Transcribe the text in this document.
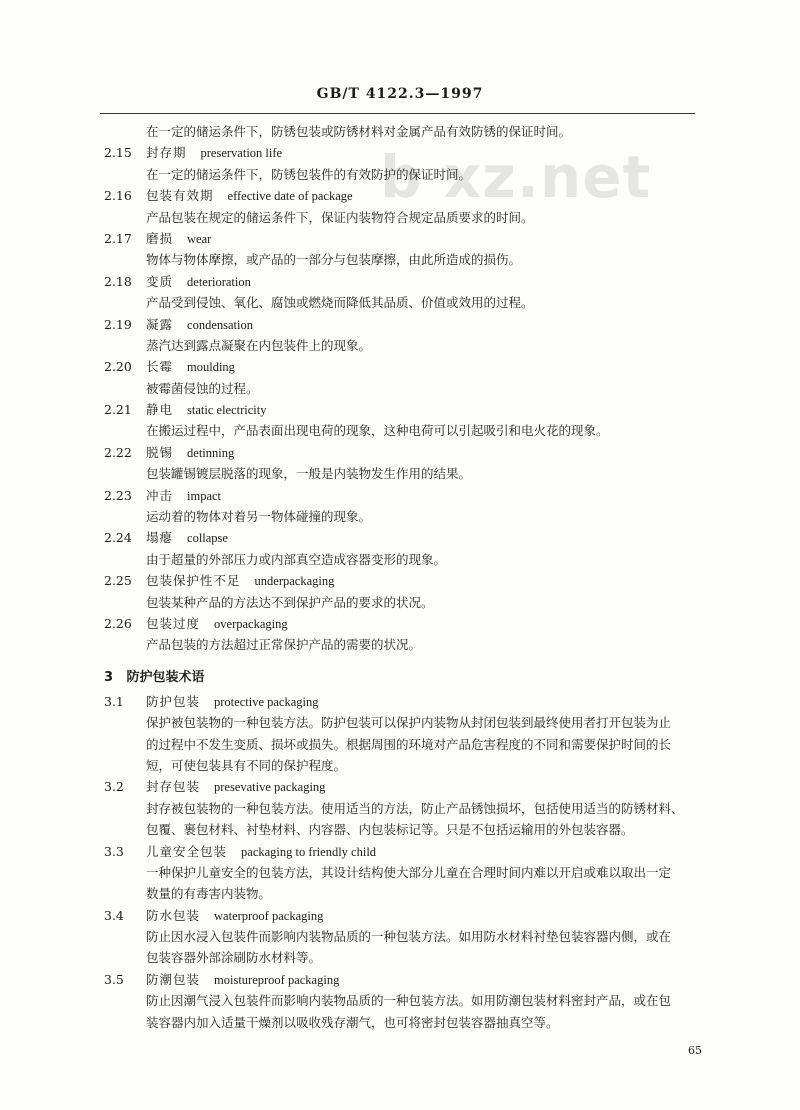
GB/T 4122.3—1997
b xz.net
在一定的储运条件下，防锈包装或防锈材料对金属产品有效防锈的保证时间。
2.15 封存期 preservation life
在一定的储运条件下，防锈包装件的有效防护的保证时间。
2.16 包装有效期 effective date of package
产品包装在规定的储运条件下，保证内装物符合规定品质要求的时间。
2.17 磨损 wear
物体与物体摩擦，或产品的一部分与包装摩擦，由此所造成的损伤。
2.18 变质 deterioration
产品受到侵蚀、氧化、腐蚀或燃烧而降低其品质、价值或效用的过程。
2.19 凝露 condensation
蒸汽达到露点凝聚在内包装件上的现象。
2.20 长霉 moulding
被霉菌侵蚀的过程。
2.21 静电 static electricity
在搬运过程中，产品表面出现电荷的现象，这种电荷可以引起吸引和电火花的现象。
2.22 脱锡 detinning
包装罐锡镀层脱落的现象，一般是内装物发生作用的结果。
2.23 冲击 impact
运动着的物体对着另一物体碰撞的现象。
2.24 塌瘪 collapse
由于超量的外部压力或内部真空造成容器变形的现象。
2.25 包装保护性不足 underpackaging
包装某种产品的方法达不到保护产品的要求的状况。
2.26 包装过度 overpackaging
产品包装的方法超过正常保护产品的需要的状况。
3 防护包装术语
3.1 防护包装 protective packaging
保护被包装物的一种包装方法。防护包装可以保护内装物从封闭包装到最终使用者打开包装为止
的过程中不发生变质、损坏或损失。根据周围的环境对产品危害程度的不同和需要保护时间的长
短，可使包装具有不同的保护程度。
3.2 封存包装 presevative packaging
封存被包装物的一种包装方法。使用适当的方法，防止产品锈蚀损坏，包括使用适当的防锈材料、
包覆、裹包材料、衬垫材料、内容器、内包装标记等。只是不包括运输用的外包装容器。
3.3 儿童安全包装 packaging to friendly child
一种保护儿童安全的包装方法，其设计结构使大部分儿童在合理时间内难以开启或难以取出一定
数量的有毒害内装物。
3.4 防水包装 waterproof packaging
防止因水浸入包装件而影响内装物品质的一种包装方法。如用防水材料衬垫包装容器内侧，或在
包装容器外部涂刷防水材料等。
3.5 防潮包装 moistureproof packaging
防止因潮气浸入包装件而影响内装物品质的一种包装方法。如用防潮包装材料密封产品，或在包
装容器内加入适量干燥剂以吸收残存潮气，也可将密封包装容器抽真空等。
65
